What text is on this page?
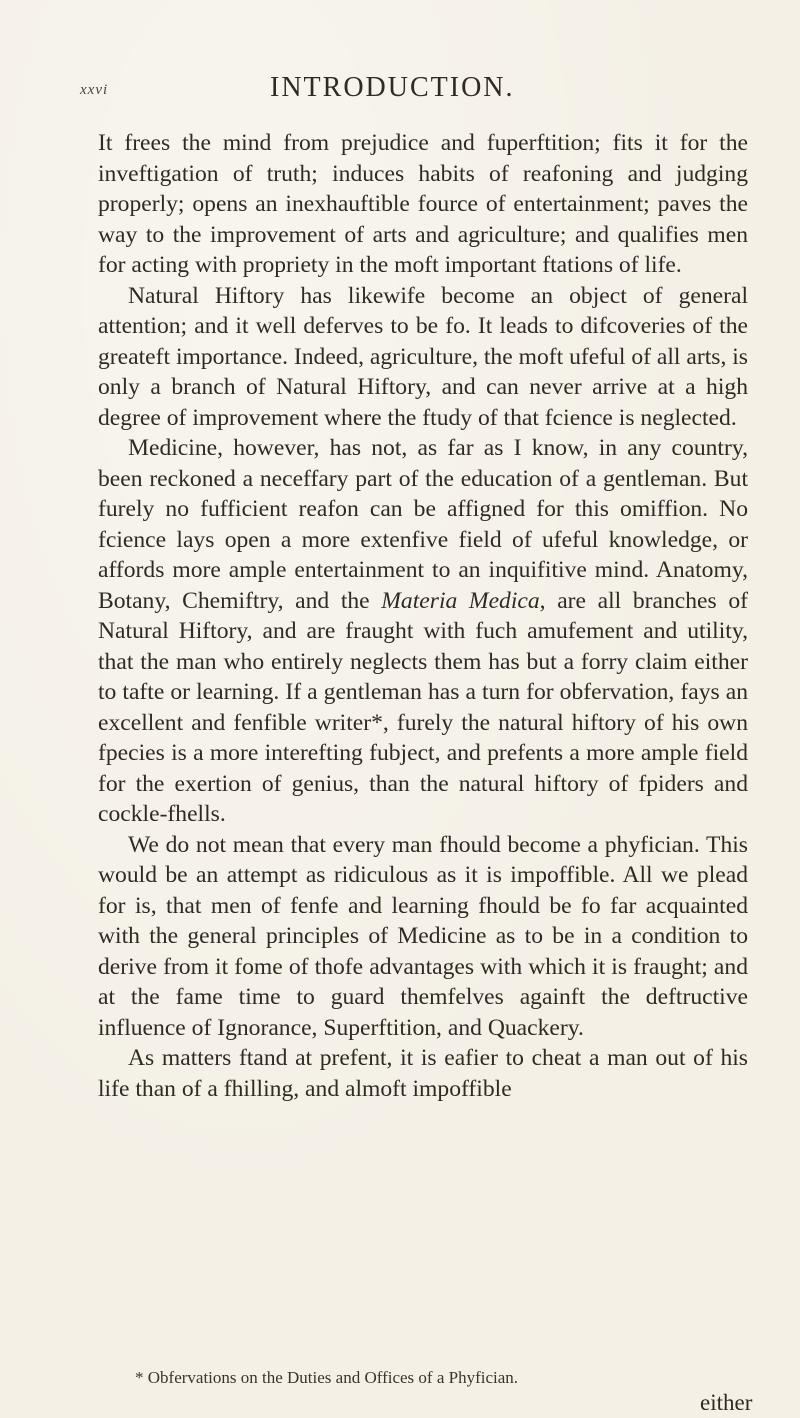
xxvi	INTRODUCTION.

It frees the mind from prejudice and fuperftition; fits it for the inveftigation of truth; induces habits of reafoning and judging properly; opens an inexhauftible fource of entertainment; paves the way to the improvement of arts and agriculture; and qualifies men for acting with propriety in the moft important ftations of life.

Natural Hiftory has likewife become an object of general attention; and it well deferves to be fo. It leads to difcoveries of the greateft importance. Indeed, agriculture, the moft ufeful of all arts, is only a branch of Natural Hiftory, and can never arrive at a high degree of improvement where the ftudy of that fcience is neglected.

Medicine, however, has not, as far as I know, in any country, been reckoned a neceffary part of the education of a gentleman. But furely no fufficient reafon can be affigned for this omiffion. No fcience lays open a more extenfive field of ufeful knowledge, or affords more ample entertainment to an inquifitive mind. Anatomy, Botany, Chemiftry, and the Materia Medica, are all branches of Natural Hiftory, and are fraught with fuch amufement and utility, that the man who entirely neglects them has but a forry claim either to tafte or learning. If a gentleman has a turn for obfervation, fays an excellent and fenfible writer*, furely the natural hiftory of his own fpecies is a more interefting fubject, and prefents a more ample field for the exertion of genius, than the natural hiftory of fpiders and cockle-fhells.

We do not mean that every man fhould become a phyfician. This would be an attempt as ridiculous as it is impoffible. All we plead for is, that men of fenfe and learning fhould be fo far acquainted with the general principles of Medicine as to be in a condition to derive from it fome of thofe advantages with which it is fraught; and at the fame time to guard themfelves againft the deftructive influence of Ignorance, Superftition, and Quackery.

As matters ftand at prefent, it is eafier to cheat a man out of his life than of a fhilling, and almoft impoffible

* Obfervations on the Duties and Offices of a Phyfician.
either
